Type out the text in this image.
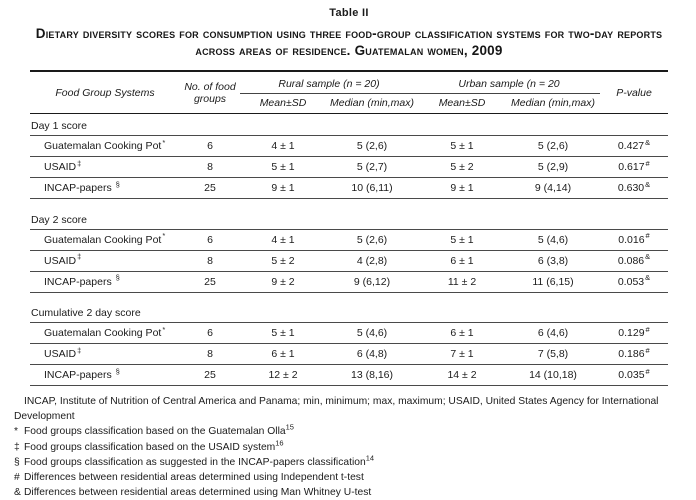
Table II
Dietary diversity scores for consumption using three food-group classification systems for two-day reports
across areas of residence. Guatemalan women, 2009
Food Group Systems	No. of food groups	Rural sample (n = 20)		Urban sample (n = 20		P-value
		Mean±SD	Median (min,max)	Mean±SD	Median (min,max)	
Day 1 score						
Guatemalan Cooking Pot*	6	4 ± 1	5 (2,6)	5 ± 1	5 (2,6)	0.427&
USAID‡	8	5 ± 1	5 (2,7)	5 ± 2	5 (2,9)	0.617#
INCAP-papers §	25	9 ± 1	10 (6,11)	9 ± 1	9 (4,14)	0.630&

Day 2 score						
Guatemalan Cooking Pot*	6	4 ± 1	5 (2,6)	5 ± 1	5 (4,6)	0.016#
USAID‡	8	5 ± 2	4 (2,8)	6 ± 1	6 (3,8)	0.086&
INCAP-papers §	25	9 ± 2	9 (6,12)	11 ± 2	11 (6,15)	0.053&

Cumulative 2 day score						
Guatemalan Cooking Pot*	6	5 ± 1	5 (4,6)	6 ± 1	6 (4,6)	0.129#
USAID‡	8	6 ± 1	6 (4,8)	7 ± 1	7 (5,8)	0.186#
INCAP-papers §	25	12 ± 2	13 (8,16)	14 ± 2	14 (10,18)	0.035#
INCAP, Institute of Nutrition of Central America and Panama; min, minimum; max, maximum; USAID, United States Agency for International Development
* Food groups classification based on the Guatemalan Olla$^{15}$
‡ Food groups classification based on the USAID system$^{16}$
§ Food groups classification as suggested in the INCAP-papers classification$^{14}$
# Differences between residential areas determined using Independent t-test
& Differences between residential areas determined using Man Whitney U-test
